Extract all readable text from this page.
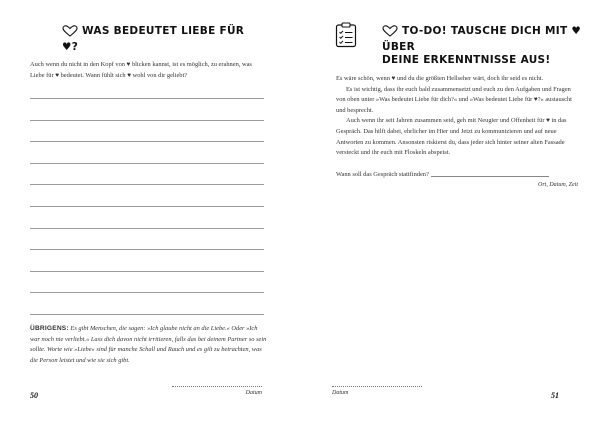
WAS BEDEUTET LIEBE FÜR ♥?
Auch wenn du nicht in den Kopf von ♥ blicken kannst, ist es möglich, zu erahnen, was Liebe für ♥ bedeutet. Wann fühlt sich ♥ wohl von dir geliebt?
ÜBRIGENS: Es gibt Menschen, die sagen: »Ich glaube nicht an die Liebe.« Oder »Ich war noch nie verliebt.« Lass dich davon nicht irritieren, falls das bei deinem Partner so sein sollte. Worte wie »Liebe« sind für manche Schall und Rauch und es gilt zu betrachten, was die Person leistet und wie sie sich gibt.
50	Datum
TO-DO! TAUSCHE DICH MIT ♥ ÜBER
DEINE ERKENNTNISSE AUS!

Es wäre schön, wenn ♥ und du die größten Hellseher wärt, doch ihr seid es nicht.

Es ist wichtig, dass ihr euch bald zusammensetzt und euch zu den Aufgaben und Fragen von oben unter »Was bedeutet Liebe für dich?« und »Was bedeutet Liebe für ♥?« austauscht und besprecht.

Auch wenn ihr seit Jahren zusammen seid, geh mit Neugier und Offenheit für ♥ in das Gespräch. Das hilft dabei, ehrlicher im Hier und Jetzt zu kommunizieren und auf neue Antworten zu kommen. Ansonsten riskierst du, dass jeder sich hinter seiner alten Fassade versteckt und ihr euch mit Floskeln abspeist.

Wann soll das Gespräch stattfinden?
Ort, Datum, Zeit
51
Datum
